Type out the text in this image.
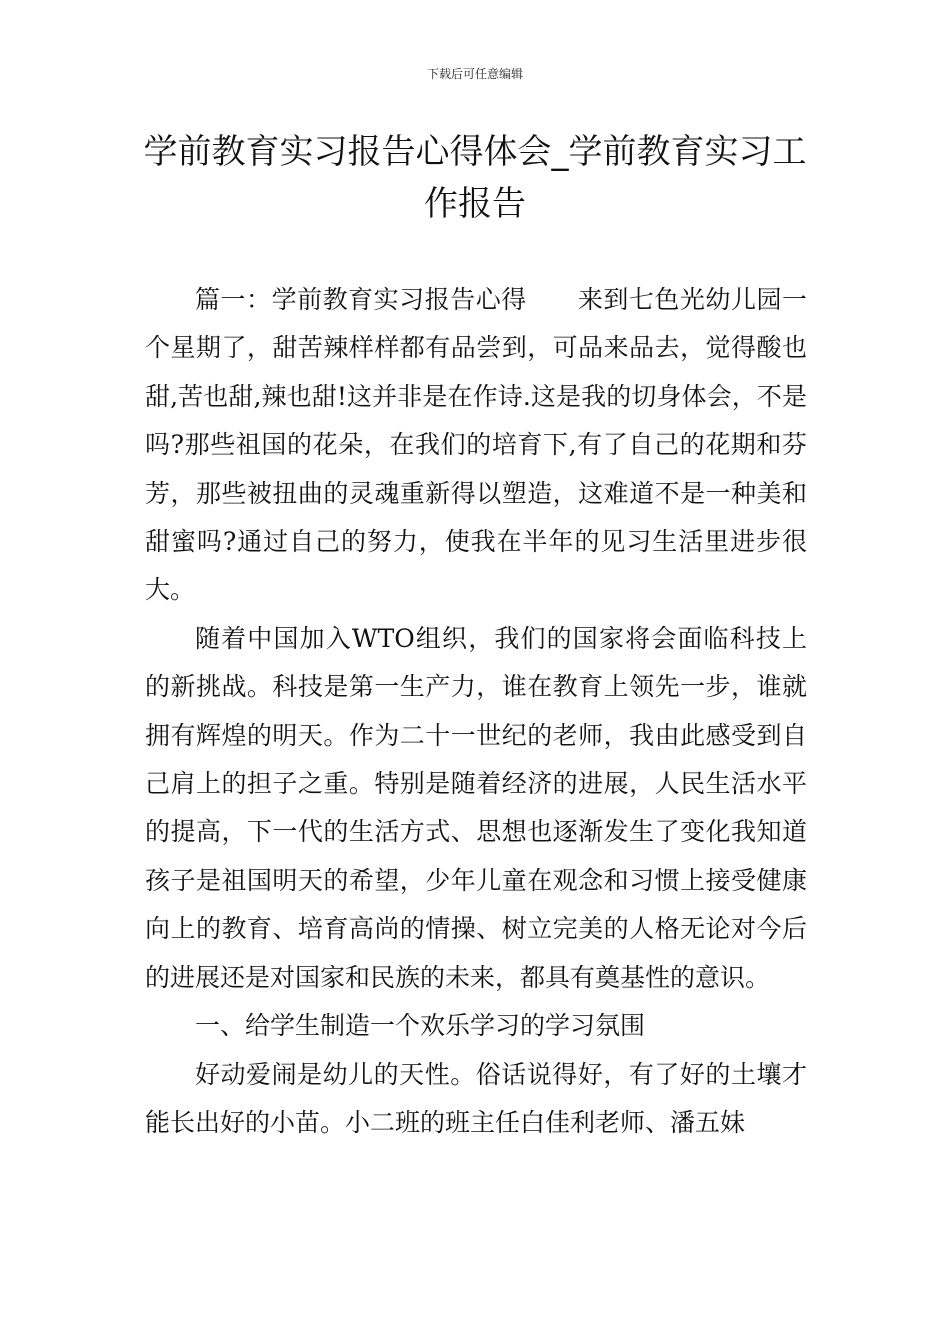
下载后可任意编辑
学前教育实习报告心得体会_学前教育实习工作报告

篇一：学前教育实习报告心得　　来到七色光幼儿园一个星期了，甜苦辣样样都有品尝到，可品来品去，觉得酸也甜,苦也甜,辣也甜!这并非是在作诗.这是我的切身体会，不是吗?那些祖国的花朵，在我们的培育下,有了自己的花期和芬芳，那些被扭曲的灵魂重新得以塑造，这难道不是一种美和甜蜜吗?通过自己的努力，使我在半年的见习生活里进步很大。

随着中国加入WTO组织，我们的国家将会面临科技上的新挑战。科技是第一生产力，谁在教育上领先一步，谁就拥有辉煌的明天。作为二十一世纪的老师，我由此感受到自己肩上的担子之重。特别是随着经济的进展，人民生活水平的提高，下一代的生活方式、思想也逐渐发生了变化我知道孩子是祖国明天的希望，少年儿童在观念和习惯上接受健康向上的教育、培育高尚的情操、树立完美的人格无论对今后的进展还是对国家和民族的未来，都具有奠基性的意识。

一、给学生制造一个欢乐学习的学习氛围

好动爱闹是幼儿的天性。俗话说得好，有了好的土壤才能长出好的小苗。小二班的班主任白佳利老师、潘五妹
